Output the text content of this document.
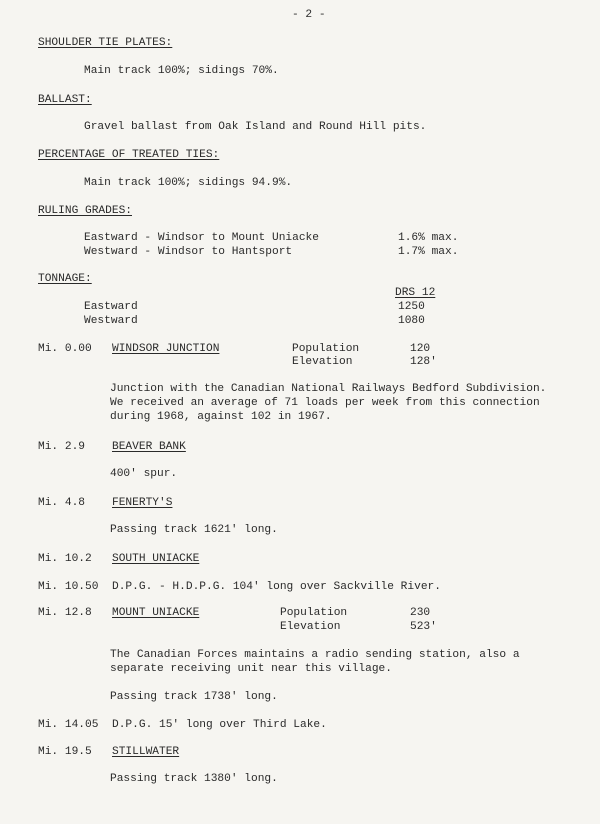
- 2 -
SHOULDER TIE PLATES:
Main track 100%; sidings 70%.
BALLAST:
Gravel ballast from Oak Island and Round Hill pits.
PERCENTAGE OF TREATED TIES:
Main track 100%; sidings 94.9%.
RULING GRADES:
Eastward - Windsor to Mount Uniacke	1.6% max.
Westward - Windsor to Hantsport	1.7% max.
TONNAGE:
DRS 12
Eastward	1250
Westward	1080
Mi. 0.00 WINDSOR JUNCTION	Population	120
Elevation	128'
Junction with the Canadian National Railways Bedford Subdivision.
We received an average of 71 loads per week from this connection
during 1968, against 102 in 1967.
Mi. 2.9 BEAVER BANK
400' spur.
Mi. 4.8 FENERTY'S
Passing track 1621' long.
Mi. 10.2 SOUTH UNIACKE
Mi. 10.50 D.P.G. - H.D.P.G. 104' long over Sackville River.
Mi. 12.8 MOUNT UNIACKE	Population	230
Elevation	523'
The Canadian Forces maintains a radio sending station, also a
separate receiving unit near this village.
Passing track 1738' long.
Mi. 14.05 D.P.G. 15' long over Third Lake.
Mi. 19.5 STILLWATER
Passing track 1380' long.
